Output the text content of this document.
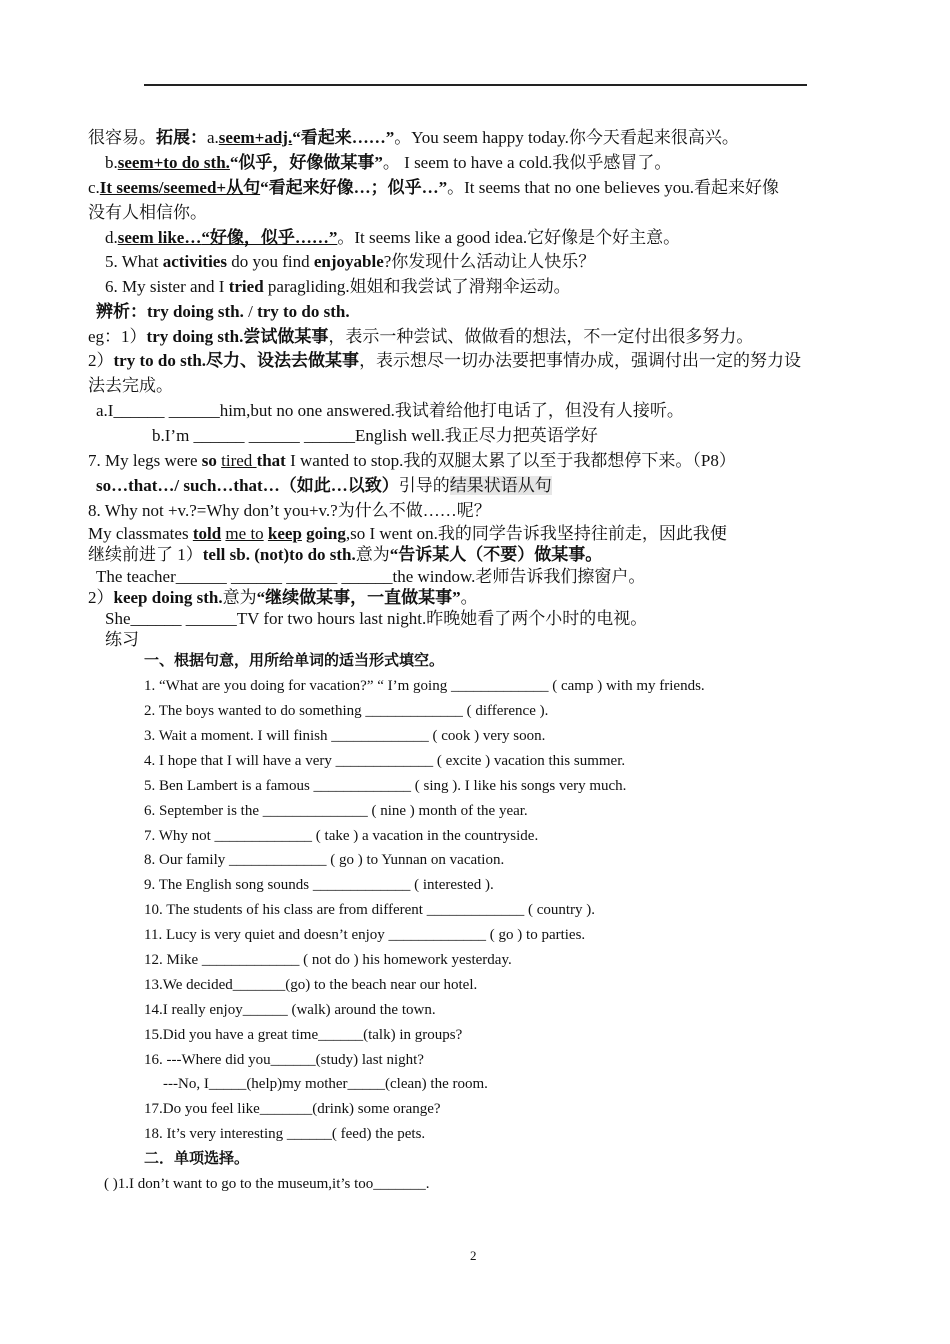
很容易。拓展：a.seem+adj.“看起来……”。You seem happy today.你今天看起来很高兴。
b.seem+to do sth.“似乎，好像做某事”。 I seem to have a cold.我似乎感冒了。
c.It seems/seemed+从句“看起来好像…；似乎…”。It seems that no one believes you.看起来好像
没有人相信你。
d.seem like…“好像，似乎……”。It seems like a good idea.它好像是个好主意。
5. What activities do you find enjoyable?你发现什么活动让人快乐？
6. My sister and I tried paragliding.姐姐和我尝试了滑翔伞运动。
辨析：try doing sth. / try to do sth.
eg：1）try doing sth.尝试做某事，表示一种尝试、做做看的想法，不一定付出很多努力。
2）try to do sth.尽力、设法去做某事，表示想尽一切办法要把事情办成，强调付出一定的努力设
法去完成。
a.I______ ______him,but no one answered.我试着给他打电话了，但没有人接听。
b.I’m ______ ______ ______English well.我正尽力把英语学好
7. My legs were so tired that I wanted to stop.我的双腿太累了以至于我都想停下来。（P8）
so…that…/ such…that…（如此…以致）引导的结果状语从句
8. Why not +v.?=Why don’t you+v.?为什么不做……呢？
My classmates told me to keep going,so I went on.我的同学告诉我坚持往前走，因此我便
继续前进了 1）tell sb. (not)to do sth.意为“告诉某人（不要）做某事。
The teacher______ ______ ______ ______the window.老师告诉我们擦窗户。
2）keep doing sth.意为“继续做某事，一直做某事”。
She______ ______TV for two hours last night.昨晚她看了两个小时的电视。
练习
一、根据句意，用所给单词的适当形式填空。
1. “What are you doing for vacation?” “ I’m going _____________ ( camp ) with my friends.
2. The boys wanted to do something _____________ ( difference ).
3. Wait a moment. I will finish _____________ ( cook ) very soon.
4. I hope that I will have a very _____________ ( excite ) vacation this summer.
5. Ben Lambert is a famous _____________ ( sing ). I like his songs very much.
6. September is the ______________ ( nine ) month of the year.
7. Why not _____________ ( take ) a vacation in the countryside.
8. Our family _____________ ( go ) to Yunnan on vacation.
9. The English song sounds _____________ ( interested ).
10. The students of his class are from different _____________ ( country ).
11. Lucy is very quiet and doesn’t enjoy _____________ ( go ) to parties.
12. Mike _____________ ( not do ) his homework yesterday.
13.We decided_______(go) to the beach near our hotel.
14.I really enjoy______ (walk) around the town.
15.Did you have a great time______(talk) in groups?
16. ---Where did you______(study) last night?
---No, I_____(help)my mother_____(clean) the room.
17.Do you feel like_______(drink) some orange?
18. It’s very interesting ______( feed) the pets.
二．单项选择。
( )1.I don’t want to go to the museum,it’s too_______.
2
